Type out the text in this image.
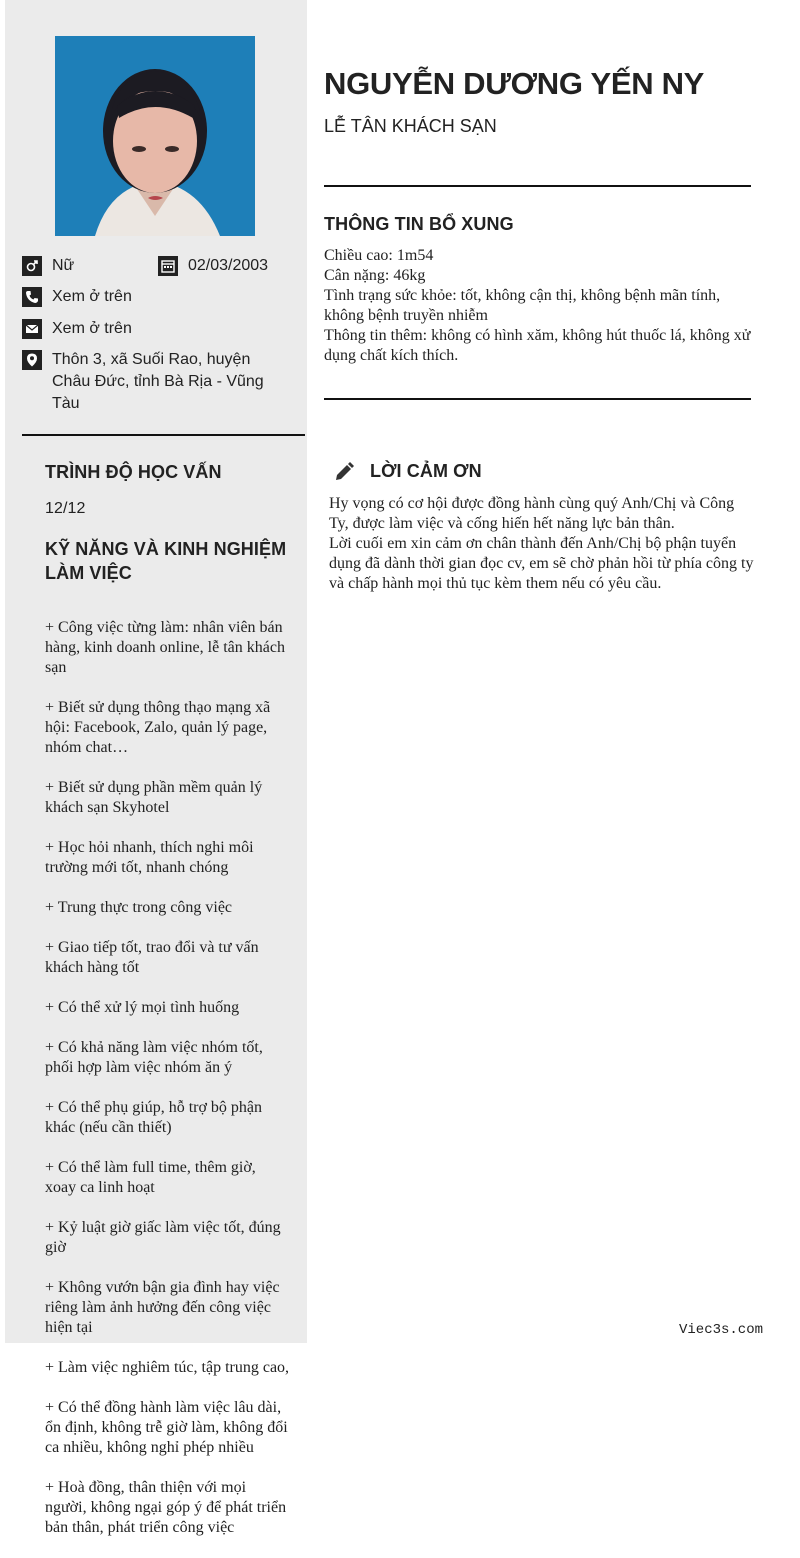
Nữ	02/03/2003
Xem ở trên
Xem ở trên
Thôn 3, xã Suối Rao, huyện Châu Đức, tỉnh Bà Rịa - Vũng Tàu
TRÌNH ĐỘ HỌC VẤN
12/12
KỸ NĂNG VÀ KINH NGHIỆM LÀM VIỆC

+ Công việc từng làm: nhân viên bán hàng, kinh doanh online, lễ tân khách sạn

+ Biết sử dụng thông thạo mạng xã hội: Facebook, Zalo, quản lý page, nhóm chat…

+ Biết sử dụng phần mềm quản lý khách sạn Skyhotel

+ Học hỏi nhanh, thích nghi môi trường mới tốt, nhanh chóng

+ Trung thực trong công việc

+ Giao tiếp tốt, trao đổi và tư vấn khách hàng tốt

+ Có thể xử lý mọi tình huống

+ Có khả năng làm việc nhóm tốt, phối hợp làm việc nhóm ăn ý

+ Có thể phụ giúp, hỗ trợ bộ phận khác (nếu cần thiết)

+ Có thể làm full time, thêm giờ, xoay ca linh hoạt

+ Kỷ luật giờ giấc làm việc tốt, đúng giờ

+ Không vướn bận gia đình hay việc riêng làm ảnh hưởng đến công việc hiện tại

+ Làm việc nghiêm túc, tập trung cao,

+ Có thể đồng hành làm việc lâu dài, ổn định, không trễ giờ làm, không đổi ca nhiều, không nghỉ phép nhiều

+ Hoà đồng, thân thiện với mọi người, không ngại góp ý để phát triển bản thân, phát triển công việc

NGUYỄN DƯƠNG YẾN NY
LỄ TÂN KHÁCH SẠN
THÔNG TIN BỔ XUNG
Chiều cao: 1m54
Cân nặng: 46kg
Tình trạng sức khỏe: tốt, không cận thị, không bệnh mãn tính, không bệnh truyền nhiễm
Thông tin thêm: không có hình xăm, không hút thuốc lá, không xử dụng chất kích thích.
LỜI CẢM ƠN
Hy vọng có cơ hội được đồng hành cùng quý Anh/Chị và Công Ty, được làm việc và cống hiến hết năng lực bản thân.
Lời cuối em xin cảm ơn chân thành đến Anh/Chị bộ phận tuyển dụng đã dành thời gian đọc cv, em sẽ chờ phản hồi từ phía công ty và chấp hành mọi thủ tục kèm them nếu có yêu cầu.
Viec3s.com
